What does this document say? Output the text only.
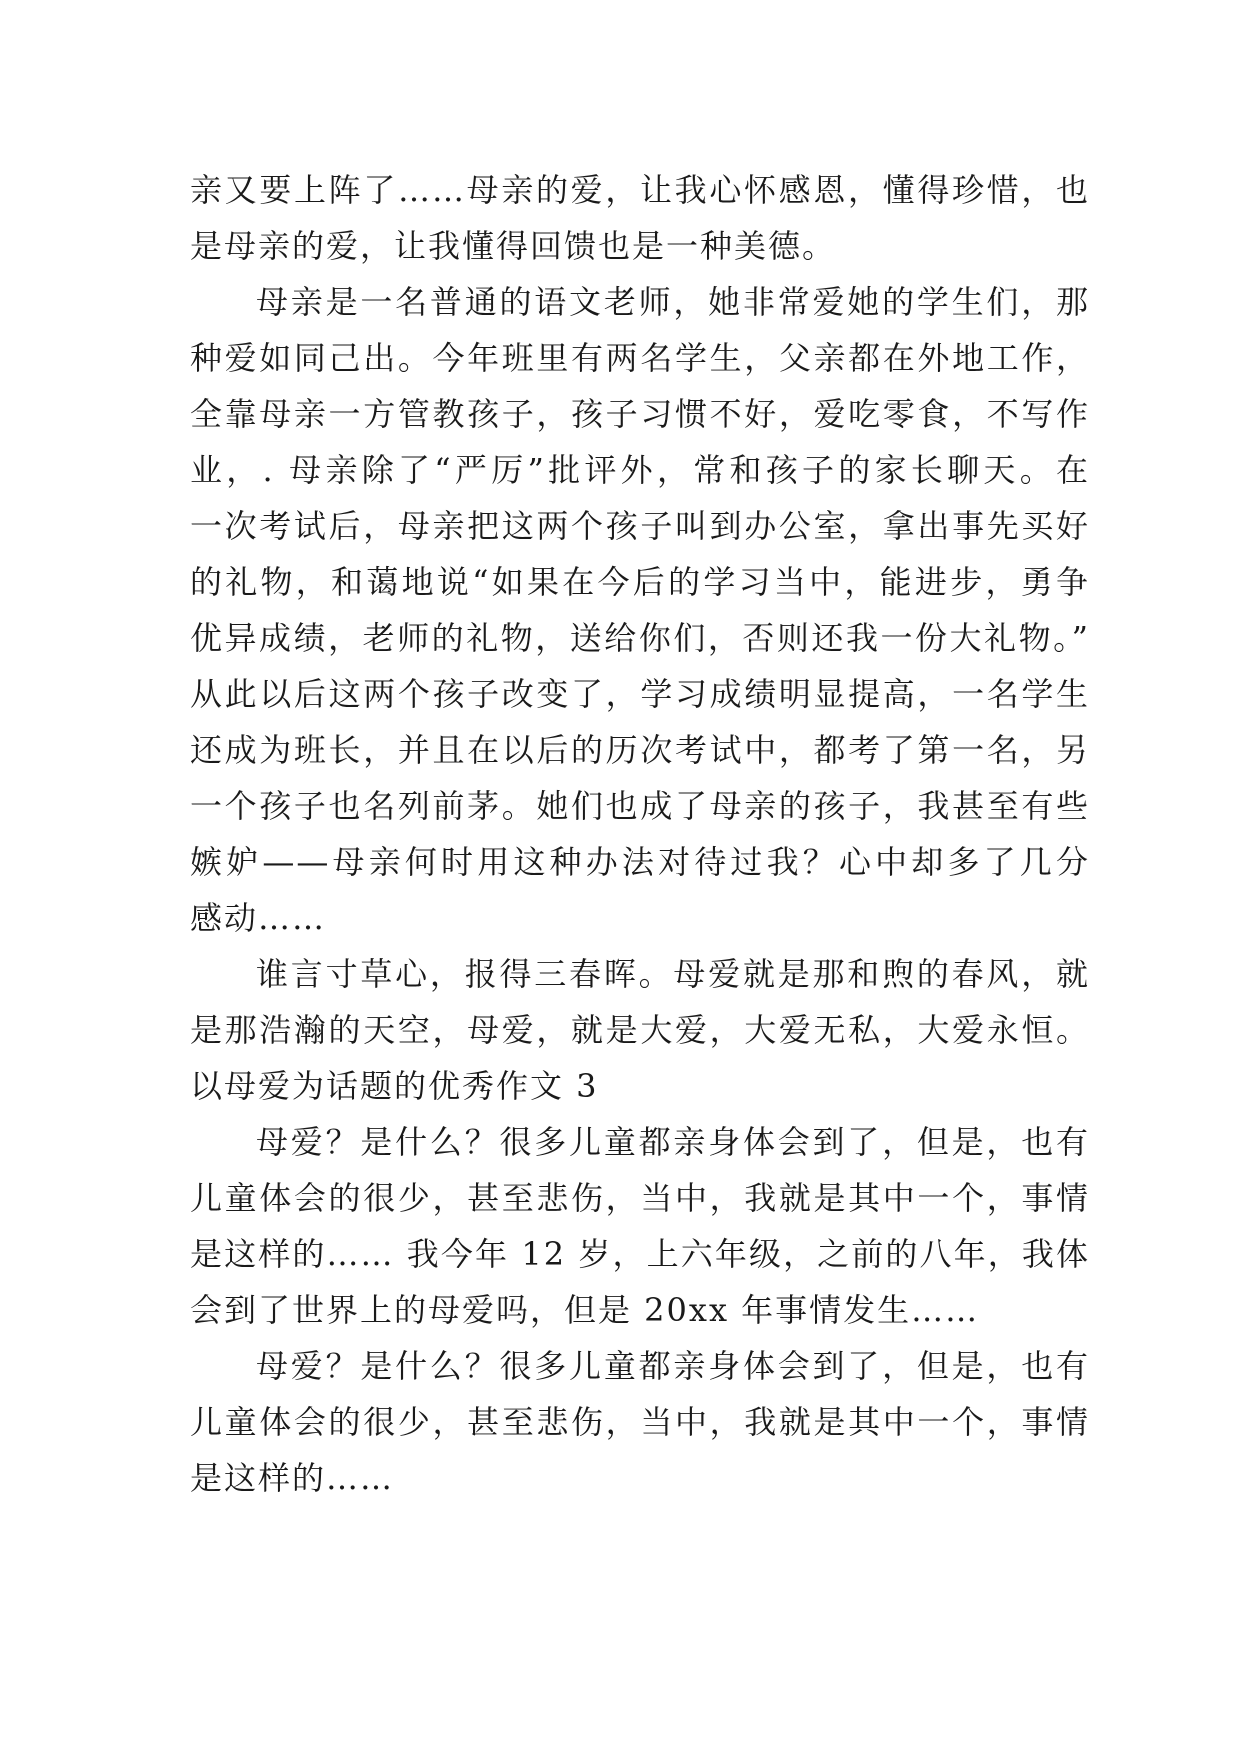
亲又要上阵了……母亲的爱，让我心怀感恩，懂得珍惜，也
是母亲的爱，让我懂得回馈也是一种美德。
母亲是一名普通的语文老师，她非常爱她的学生们，那
种爱如同己出。今年班里有两名学生，父亲都在外地工作，
全靠母亲一方管教孩子，孩子习惯不好，爱吃零食，不写作
业，. 母亲除了“严厉”批评外，常和孩子的家长聊天。在
一次考试后，母亲把这两个孩子叫到办公室，拿出事先买好
的礼物，和蔼地说“如果在今后的学习当中，能进步，勇争
优异成绩，老师的礼物，送给你们，否则还我一份大礼物。”
从此以后这两个孩子改变了，学习成绩明显提高，一名学生
还成为班长，并且在以后的历次考试中，都考了第一名，另
一个孩子也名列前茅。她们也成了母亲的孩子，我甚至有些
嫉妒——母亲何时用这种办法对待过我？心中却多了几分
感动……
谁言寸草心，报得三春晖。母爱就是那和煦的春风，就
是那浩瀚的天空，母爱，就是大爱，大爱无私，大爱永恒。
以母爱为话题的优秀作文 3
母爱？是什么？很多儿童都亲身体会到了，但是，也有
儿童体会的很少，甚至悲伤，当中，我就是其中一个，事情
是这样的…… 我今年 12 岁，上六年级，之前的八年，我体
会到了世界上的母爱吗，但是 20xx 年事情发生……
母爱？是什么？很多儿童都亲身体会到了，但是，也有
儿童体会的很少，甚至悲伤，当中，我就是其中一个，事情
是这样的……
